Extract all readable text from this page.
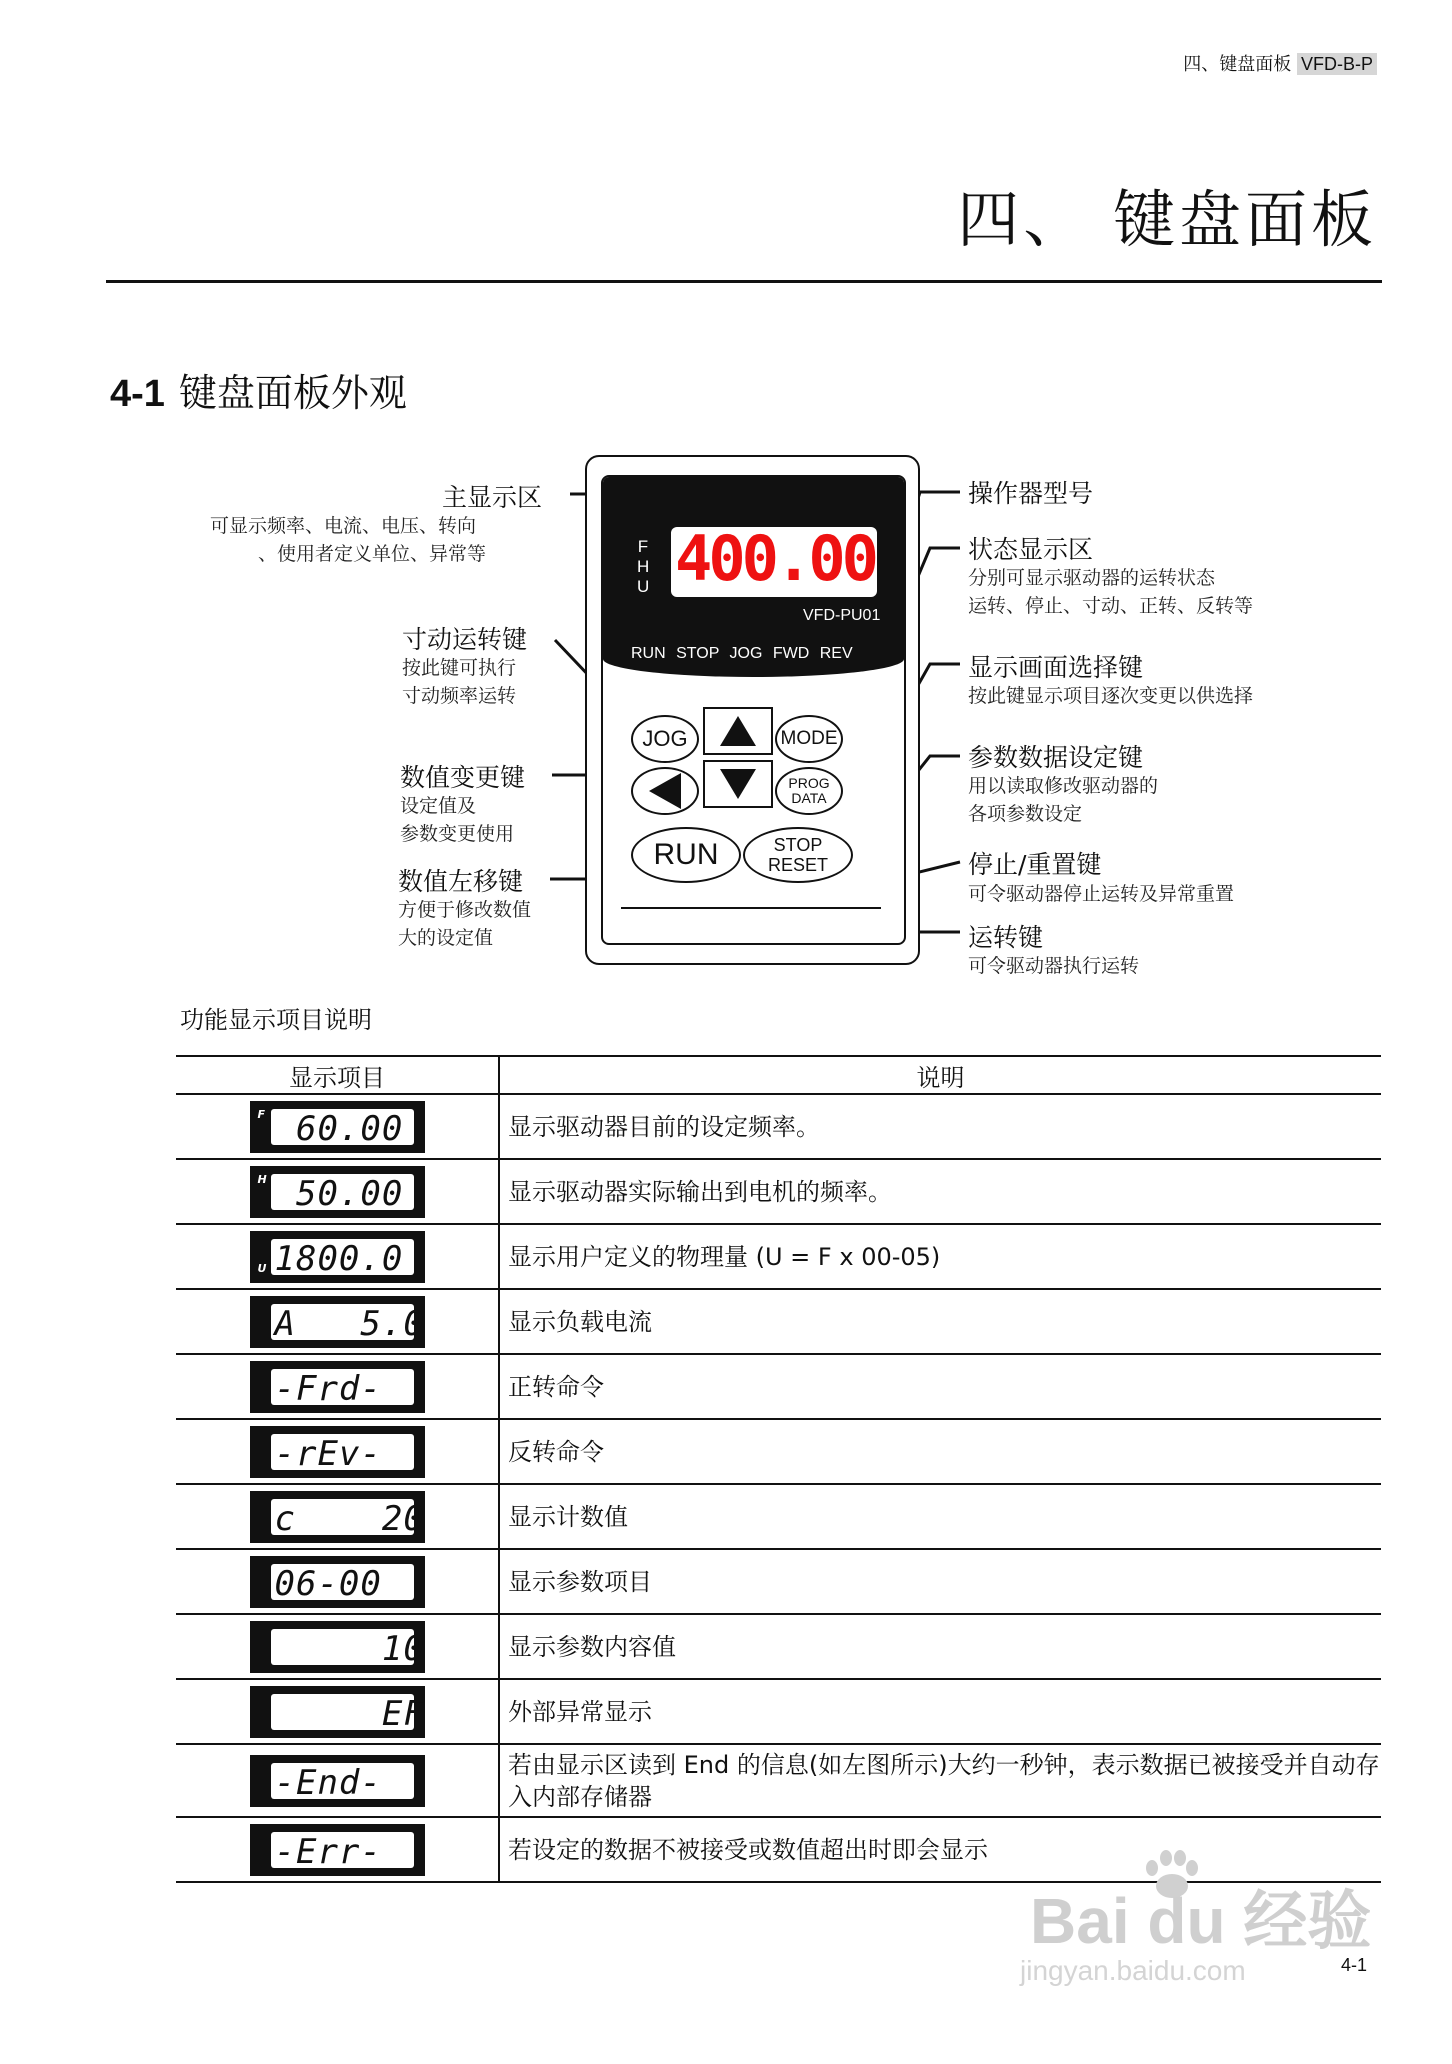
四、键盘面板 VFD-B-P
四、 键盘面板
4-1 键盘面板外观
F
H
U 400.00
VFD-PU01
RUN STOP JOG FWD REV
JOG	MODE
PROG
DATA
RUN	STOP
RESET
主显示区
可显示频率、电流、电压、转向
、使用者定义单位、异常等
寸动运转键
按此键可执行
寸动频率运转
数值变更键
设定值及
参数变更使用
数值左移键
方便于修改数值
大的设定值
操作器型号
状态显示区
分别可显示驱动器的运转状态
运转、停止、寸动、正转、反转等
显示画面选择键
按此键显示项目逐次变更以供选择
参数数据设定键
用以读取修改驱动器的
各项参数设定
停止/重置键
可令驱动器停止运转及异常重置
运转键
可令驱动器执行运转
功能显示项目说明
显示项目	说明

F 60.00	显示驱动器目前的设定频率。

H 50.00	显示驱动器实际输出到电机的频率。

U 1800.0	显示用户定义的物理量 (U = F x 00-05)

A   5.0	显示负载电流

-Frd-	正转命令

-rEv-	反转命令

c    20	显示计数值

06-00	显示参数项目

10	显示参数内容值

EF	外部异常显示

-End-	若由显示区读到 End 的信息(如左图所示)大约一秒钟，表示数据已被接受并自动存入内部存储器

-Err-	若设定的数据不被接受或数值超出时即会显示
Bai du 经验
jingyan.baidu.com	4-1
